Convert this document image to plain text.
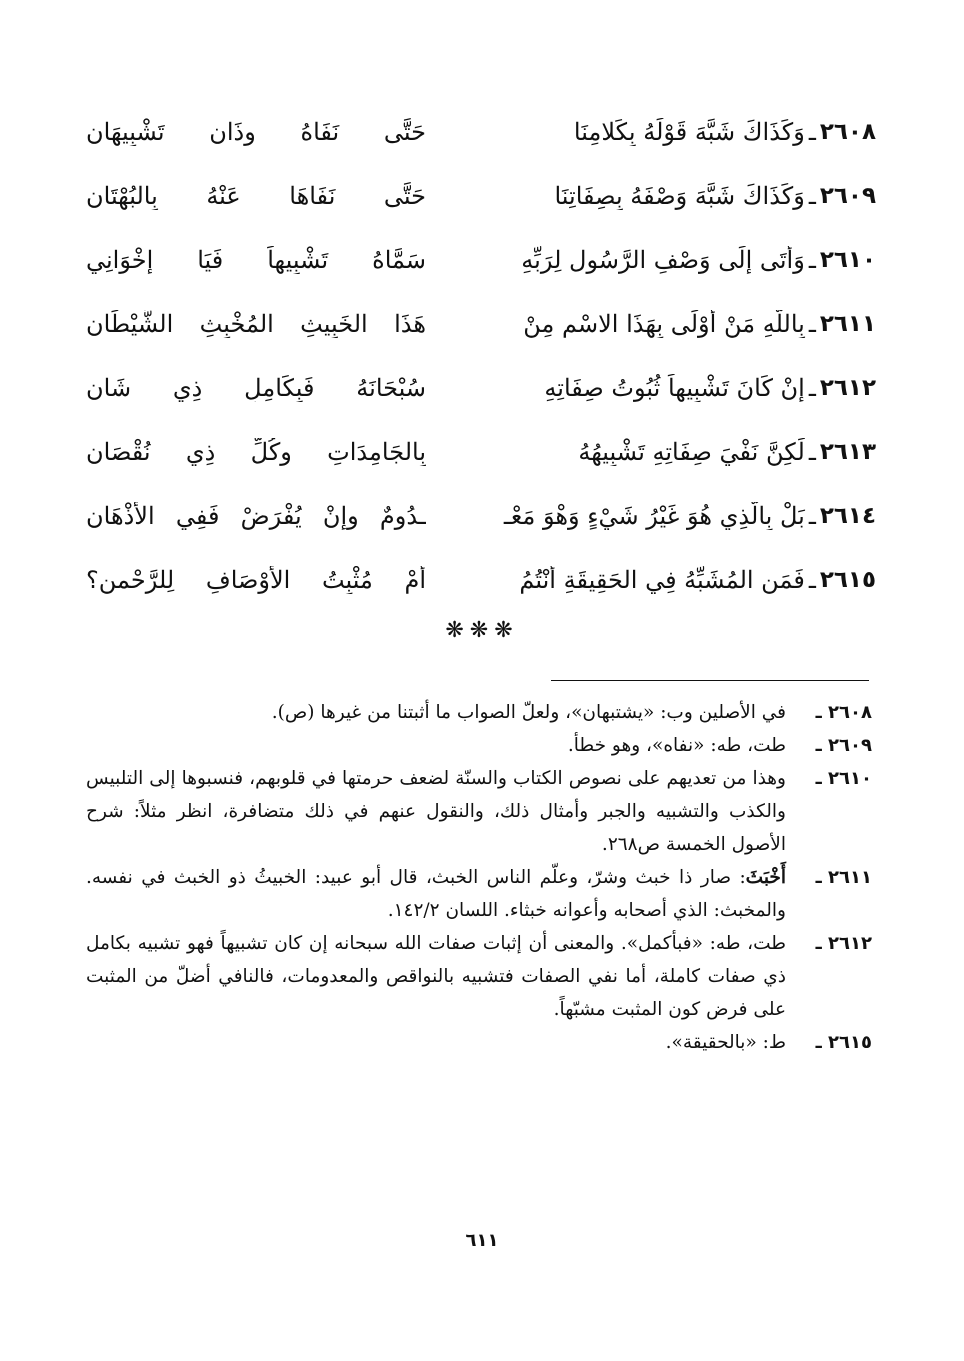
٢٦٠٨
ـ
وَكَذَاكَ شَبَّهَ قَوْلَهُ بِكَلامِنَا
حَتَّى نَفَاهُ وذَانِ تَشْبِيهَانِ
٢٦٠٩
ـ
وَكَذَاكَ شَبَّهَ وَصْفَهُ بِصِفَاتِنَا
حَتَّى نَفَاهَا عَنْهُ بِالبُهْتَانِ
٢٦١٠
ـ
وَأَتَى إِلَى وَصْفِ الرَّسُولِ لِرَبِّهِ
سَمَّاهُ تَشْبِيهاً فَيَا إِخْوَانِي
٢٦١١
ـ
بِاللَّهِ مَنْ أَوْلَى بِهَذَا الاسْمِ مِنْ
هَذَا الخَبِيثِ المُخْبِثِ الشَّيْطَانِ
٢٦١٢
ـ
إِنْ كَانَ تَشْبِيهاً ثُبُوتُ صِفَاتِهِ
سُبْحَانَهُ فَبِكَامِلٍ ذِي شَانِ
٢٦١٣
ـ
لَكِنَّ نَفْيَ صِفَاتِهِ تَشْبِيهُهُ
بِالجَامِدَاتِ وكُلِّ ذِي نُقْصَانِ
٢٦١٤
ـ
بَلْ بِالَّذِي هُوَ غَيْرُ شَيْءٍ وَهْوَ مَعْـ
ـدُومٌ وإِنْ يُفْرَضْ فَفِي الأَذْهَانِ
٢٦١٥
ـ
فَمَنِ المُشَبِّهُ فِي الحَقِيقَةِ أَنْتُمُ
أَمْ مُثْبِتُ الأَوْصَافِ لِلرَّحْمنِ؟
❋❋❋
٢٦٠٨ ـ
في الأصلين وب: «يشتبهان»، ولعلّ الصواب ما أثبتنا من غيرها (ص).
٢٦٠٩ ـ
طت، طه: «نفاه»، وهو خطأ.
٢٦١٠ ـ
وهذا من تعديهم على نصوص الكتاب والسنّة لضعف حرمتها في قلوبهم، فنسبوها إلى التلبيس والكذب والتشبيه والجبر وأمثال ذلك، والنقول عنهم في ذلك متضافرة، انظر مثلاً: شرح الأصول الخمسة ص٢٦٨.
٢٦١١ ـ
أَخْبَثَ: صار ذا خبث وشرّ، وعلّم الناس الخبث، قال أبو عبيد: الخبيثُ ذو الخبث في نفسه. والمخبث: الذي أصحابه وأعوانه خبثاء. اللسان ١٤٢/٢.
٢٦١٢ ـ
طت، طه: «فبأكمل». والمعنى أن إثبات صفات الله سبحانه إن كان تشبيهاً فهو تشبيه بكامل ذي صفات كاملة، أما نفي الصفات فتشبيه بالنواقص والمعدومات، فالنافي أضلّ من المثبت على فرض كون المثبت مشبّهاً.
٢٦١٥ ـ
ط: «بالحقيقة».
٦١١
